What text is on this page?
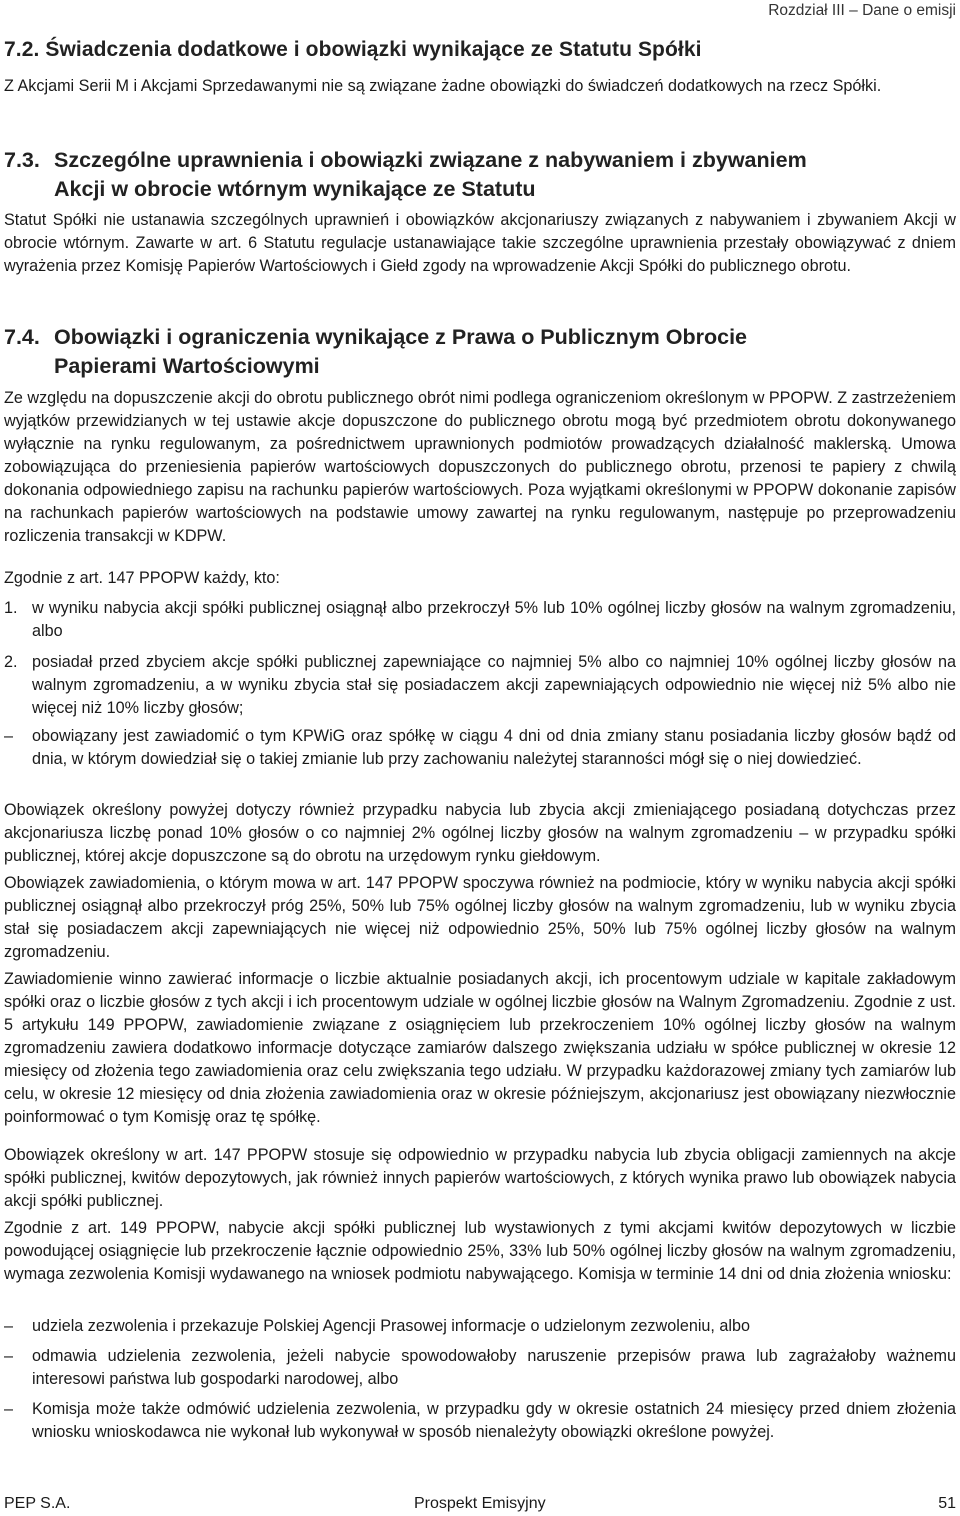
Rozdział III – Dane o emisji
7.2. Świadczenia dodatkowe i obowiązki wynikające ze Statutu Spółki

Z Akcjami Serii M i Akcjami Sprzedawanymi nie są związane żadne obowiązki do świadczeń dodatkowych na rzecz Spółki.

7.3. Szczególne uprawnienia i obowiązki związane z nabywaniem i zbywaniem
Akcji w obrocie wtórnym wynikające ze Statutu

Statut Spółki nie ustanawia szczególnych uprawnień i obowiązków akcjonariuszy związanych z nabywaniem i zbywaniem Akcji w obrocie wtórnym. Zawarte w art. 6 Statutu regulacje ustanawiające takie szczególne uprawnienia przestały obowiązywać z dniem wyrażenia przez Komisję Papierów Wartościowych i Giełd zgody na wprowadzenie Akcji Spółki do publicznego obrotu.

7.4. Obowiązki i ograniczenia wynikające z Prawa o Publicznym Obrocie
Papierami Wartościowymi

Ze względu na dopuszczenie akcji do obrotu publicznego obrót nimi podlega ograniczeniom określonym w PPOPW. Z zastrzeżeniem wyjątków przewidzianych w tej ustawie akcje dopuszczone do publicznego obrotu mogą być przedmiotem obrotu dokonywanego wyłącznie na rynku regulowanym, za pośrednictwem uprawnionych podmiotów prowadzących działalność maklerską. Umowa zobowiązująca do przeniesienia papierów wartościowych dopuszczonych do publicznego obrotu, przenosi te papiery z chwilą dokonania odpowiedniego zapisu na rachunku papierów wartościowych. Poza wyjątkami określonymi w PPOPW dokonanie zapisów na rachunkach papierów wartościowych na podstawie umowy zawartej na rynku regulowanym, następuje po przeprowadzeniu rozliczenia transakcji w KDPW.

Zgodnie z art. 147 PPOPW każdy, kto:

1. w wyniku nabycia akcji spółki publicznej osiągnął albo przekroczył 5% lub 10% ogólnej liczby głosów na walnym zgromadzeniu, albo
2. posiadał przed zbyciem akcje spółki publicznej zapewniające co najmniej 5% albo co najmniej 10% ogólnej liczby głosów na walnym zgromadzeniu, a w wyniku zbycia stał się posiadaczem akcji zapewniających odpowiednio nie więcej niż 5% albo nie więcej niż 10% liczby głosów;
–	obowiązany jest zawiadomić o tym KPWiG oraz spółkę w ciągu 4 dni od dnia zmiany stanu posiadania liczby głosów bądź od dnia, w którym dowiedział się o takiej zmianie lub przy zachowaniu należytej staranności mógł się o niej dowiedzieć.

Obowiązek określony powyżej dotyczy również przypadku nabycia lub zbycia akcji zmieniającego posiadaną dotychczas przez akcjonariusza liczbę ponad 10% głosów o co najmniej 2% ogólnej liczby głosów na walnym zgromadzeniu – w przypadku spółki publicznej, której akcje dopuszczone są do obrotu na urzędowym rynku giełdowym.

Obowiązek zawiadomienia, o którym mowa w art. 147 PPOPW spoczywa również na podmiocie, który w wyniku nabycia akcji spółki publicznej osiągnął albo przekroczył próg 25%, 50% lub 75% ogólnej liczby głosów na walnym zgromadzeniu, lub w wyniku zbycia stał się posiadaczem akcji zapewniających nie więcej niż odpowiednio 25%, 50% lub 75% ogólnej liczby głosów na walnym zgromadzeniu.

Zawiadomienie winno zawierać informacje o liczbie aktualnie posiadanych akcji, ich procentowym udziale w kapitale zakładowym spółki oraz o liczbie głosów z tych akcji i ich procentowym udziale w ogólnej liczbie głosów na Walnym Zgromadzeniu. Zgodnie z ust. 5 artykułu 149 PPOPW, zawiadomienie związane z osiągnięciem lub przekroczeniem 10% ogólnej liczby głosów na walnym zgromadzeniu zawiera dodatkowo informacje dotyczące zamiarów dalszego zwiększania udziału w spółce publicznej w okresie 12 miesięcy od złożenia tego zawiadomienia oraz celu zwiększania tego udziału. W przypadku każdorazowej zmiany tych zamiarów lub celu, w okresie 12 miesięcy od dnia złożenia zawiadomienia oraz w okresie późniejszym, akcjonariusz jest obowiązany niezwłocznie poinformować o tym Komisję oraz tę spółkę.

Obowiązek określony w art. 147 PPOPW stosuje się odpowiednio w przypadku nabycia lub zbycia obligacji zamiennych na akcje spółki publicznej, kwitów depozytowych, jak również innych papierów wartościowych, z których wynika prawo lub obowiązek nabycia akcji spółki publicznej.

Zgodnie z art. 149 PPOPW, nabycie akcji spółki publicznej lub wystawionych z tymi akcjami kwitów depozytowych w liczbie powodującej osiągnięcie lub przekroczenie łącznie odpowiednio 25%, 33% lub 50% ogólnej liczby głosów na walnym zgromadzeniu, wymaga zezwolenia Komisji wydawanego na wniosek podmiotu nabywającego. Komisja w terminie 14 dni od dnia złożenia wniosku:

–	udziela zezwolenia i przekazuje Polskiej Agencji Prasowej informacje o udzielonym zezwoleniu, albo
–	odmawia udzielenia zezwolenia, jeżeli nabycie spowodowałoby naruszenie przepisów prawa lub zagrażałoby ważnemu interesowi państwa lub gospodarki narodowej, albo
–	Komisja może także odmówić udzielenia zezwolenia, w przypadku gdy w okresie ostatnich 24 miesięcy przed dniem złożenia wniosku wnioskodawca nie wykonał lub wykonywał w sposób nienależyty obowiązki określone powyżej.
PEP S.A.	Prospekt Emisyjny	51
